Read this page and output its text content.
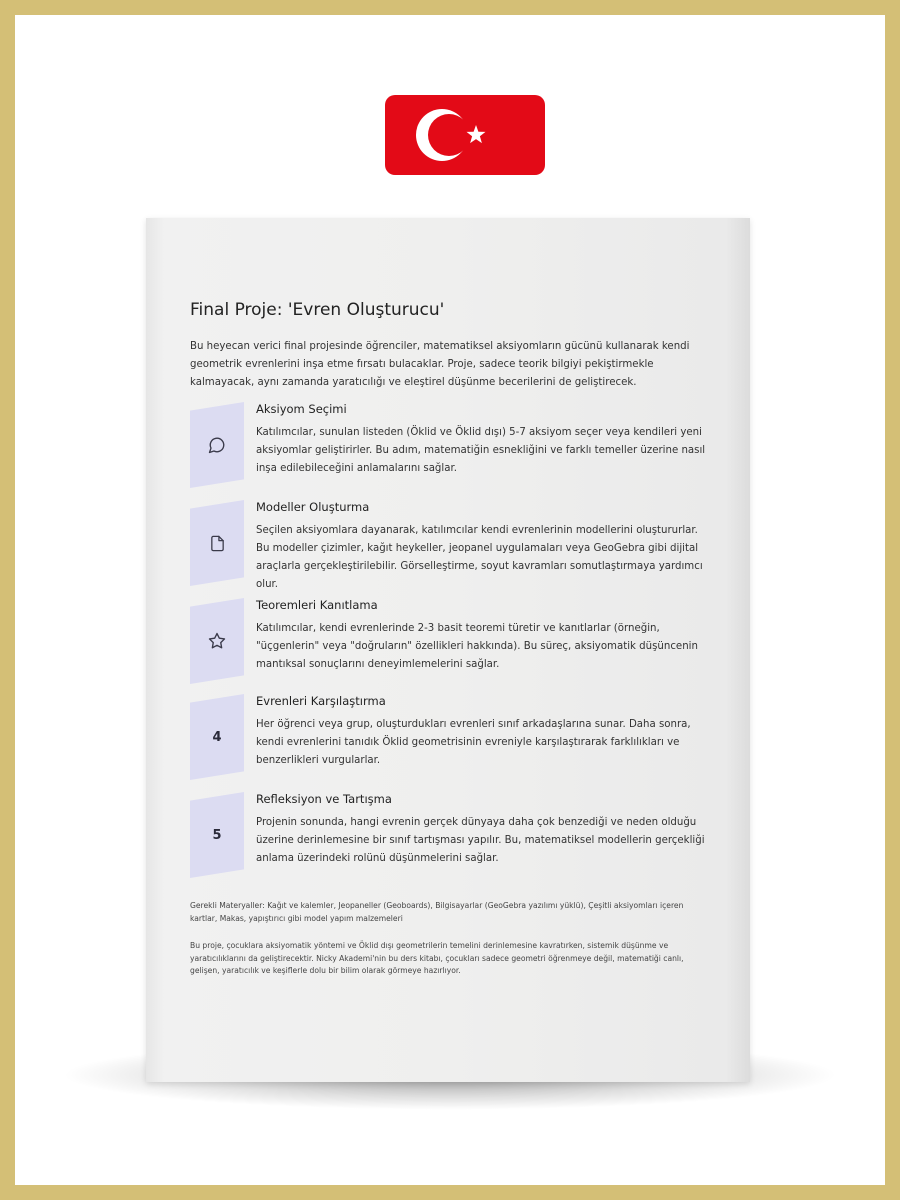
Final Proje: 'Evren Oluşturucu'
Bu heyecan verici final projesinde öğrenciler, matematiksel aksiyomların gücünü kullanarak kendi geometrik evrenlerini inşa etme fırsatı bulacaklar. Proje, sadece teorik bilgiyi pekiştirmekle kalmayacak, aynı zamanda yaratıcılığı ve eleştirel düşünme becerilerini de geliştirecek.
Aksiyom Seçimi
Katılımcılar, sunulan listeden (Öklid ve Öklid dışı) 5-7 aksiyom seçer veya kendileri yeni aksiyomlar geliştirirler. Bu adım, matematiğin esnekliğini ve farklı temeller üzerine nasıl inşa edilebileceğini anlamalarını sağlar.
Modeller Oluşturma
Seçilen aksiyomlara dayanarak, katılımcılar kendi evrenlerinin modellerini oluştururlar. Bu modeller çizimler, kağıt heykeller, jeopanel uygulamaları veya GeoGebra gibi dijital araçlarla gerçekleştirilebilir. Görselleştirme, soyut kavramları somutlaştırmaya yardımcı olur.
Teoremleri Kanıtlama
Katılımcılar, kendi evrenlerinde 2-3 basit teoremi türetir ve kanıtlarlar (örneğin, "üçgenlerin" veya "doğruların" özellikleri hakkında). Bu süreç, aksiyomatik düşüncenin mantıksal sonuçlarını deneyimlemelerini sağlar.
4
Evrenleri Karşılaştırma
Her öğrenci veya grup, oluşturdukları evrenleri sınıf arkadaşlarına sunar. Daha sonra, kendi evrenlerini tanıdık Öklid geometrisinin evreniyle karşılaştırarak farklılıkları ve benzerlikleri vurgularlar.
5
Refleksiyon ve Tartışma
Projenin sonunda, hangi evrenin gerçek dünyaya daha çok benzediği ve neden olduğu üzerine derinlemesine bir sınıf tartışması yapılır. Bu, matematiksel modellerin gerçekliği anlama üzerindeki rolünü düşünmelerini sağlar.
Gerekli Materyaller: Kağıt ve kalemler, Jeopaneller (Geoboards), Bilgisayarlar (GeoGebra yazılımı yüklü), Çeşitli aksiyomları içeren kartlar, Makas, yapıştırıcı gibi model yapım malzemeleri
Bu proje, çocuklara aksiyomatik yöntemi ve Öklid dışı geometrilerin temelini derinlemesine kavratırken, sistemik düşünme ve yaratıcılıklarını da geliştirecektir. Nicky Akademi'nin bu ders kitabı, çocukları sadece geometri öğrenmeye değil, matematiği canlı, gelişen, yaratıcılık ve keşiflerle dolu bir bilim olarak görmeye hazırlıyor.
